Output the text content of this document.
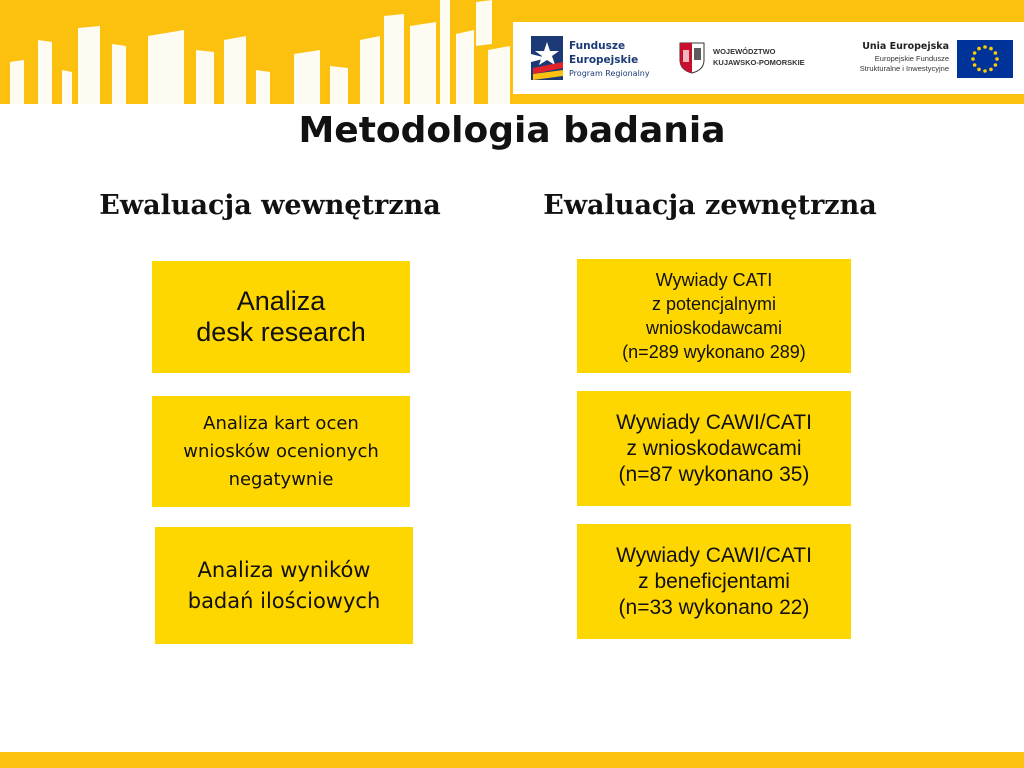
Fundusze
Europejskie
Program Regionalny
WOJEWÓDZTWO
KUJAWSKO-POMORSKIE
Unia Europejska
Europejskie Fundusze
Strukturalne i Inwestycyjne
Metodologia badania
Ewaluacja wewnętrzna	Ewaluacja zewnętrzna
Analiza
desk research
Analiza kart ocen
wniosków ocenionych
negatywnie
Analiza wyników
badań ilościowych
Wywiady CATI
z potencjalnymi
wnioskodawcami
(n=289 wykonano 289)
Wywiady CAWI/CATI
z wnioskodawcami
(n=87 wykonano 35)
Wywiady CAWI/CATI
z beneficjentami
(n=33 wykonano 22)
